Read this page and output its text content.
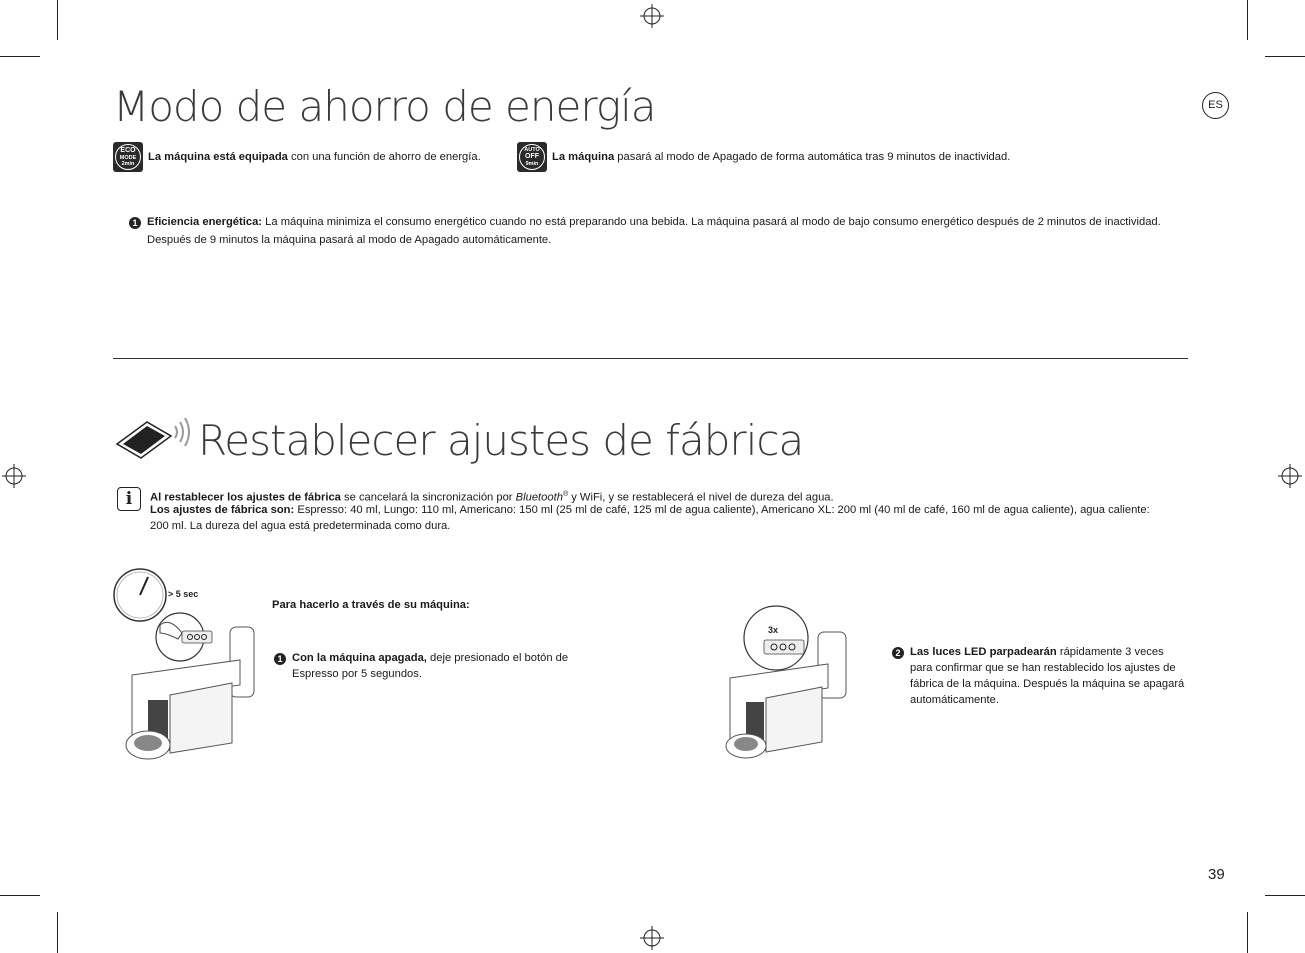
ES
Modo de ahorro de energía
ECO
MODE
2min
La máquina está equipada con una función de ahorro de energía.
AUTO
OFF
9min
La máquina pasará al modo de Apagado de forma automática tras 9 minutos de inactividad.
1 Eficiencia energética: La máquina minimiza el consumo energético cuando no está preparando una bebida. La máquina pasará al modo de bajo consumo energético después de 2 minutos de inactividad.
Después de 9 minutos la máquina pasará al modo de Apagado automáticamente.
Restablecer ajustes de fábrica
i	Al restablecer los ajustes de fábrica se cancelará la sincronización por Bluetooth® y WiFi, y se restablecerá el nivel de dureza del agua.
Los ajustes de fábrica son: Espresso: 40 ml, Lungo: 110 ml, Americano: 150 ml (25 ml de café, 125 ml de agua caliente), Americano XL: 200 ml (40 ml de café, 160 ml de agua caliente), agua caliente:
200 ml. La dureza del agua está predeterminada como dura.
> 5 sec
Para hacerlo a través de su máquina:
1 Con la máquina apagada, deje presionado el botón de
Espresso por 5 segundos.
3x
2 Las luces LED parpadearán rápidamente 3 veces
para confirmar que se han restablecido los ajustes de
fábrica de la máquina. Después la máquina se apagará
automáticamente.
39
